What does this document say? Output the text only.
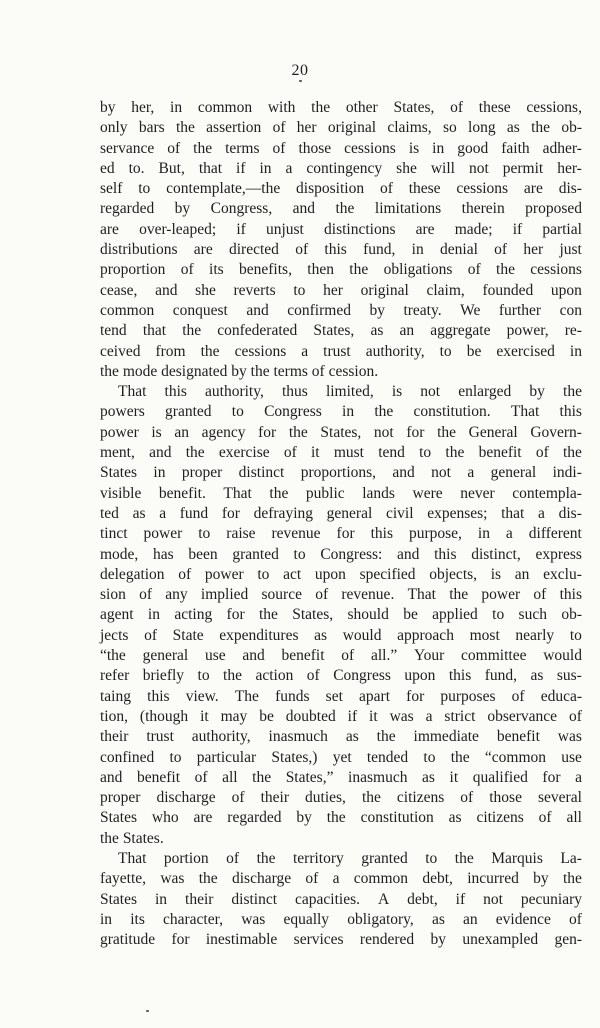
20
by her, in common with the other States, of these cessions,
only bars the assertion of her original claims, so long as the ob-
servance of the terms of those cessions is in good faith adher-
ed to. But, that if in a contingency she will not permit her-
self to contemplate,—the disposition of these cessions are dis-
regarded by Congress, and the limitations therein proposed
are over-leaped; if unjust distinctions are made; if partial
distributions are directed of this fund, in denial of her just
proportion of its benefits, then the obligations of the cessions
cease, and she reverts to her original claim, founded upon
common conquest and confirmed by treaty. We further con
tend that the confederated States, as an aggregate power, re-
ceived from the cessions a trust authority, to be exercised in
the mode designated by the terms of cession.
That this authority, thus limited, is not enlarged by the
powers granted to Congress in the constitution. That this
power is an agency for the States, not for the General Govern-
ment, and the exercise of it must tend to the benefit of the
States in proper distinct proportions, and not a general indi-
visible benefit. That the public lands were never contempla-
ted as a fund for defraying general civil expenses; that a dis-
tinct power to raise revenue for this purpose, in a different
mode, has been granted to Congress: and this distinct, express
delegation of power to act upon specified objects, is an exclu-
sion of any implied source of revenue. That the power of this
agent in acting for the States, should be applied to such ob-
jects of State expenditures as would approach most nearly to
“the general use and benefit of all.” Your committee would
refer briefly to the action of Congress upon this fund, as sus-
taing this view. The funds set apart for purposes of educa-
tion, (though it may be doubted if it was a strict observance of
their trust authority, inasmuch as the immediate benefit was
confined to particular States,) yet tended to the “common use
and benefit of all the States,” inasmuch as it qualified for a
proper discharge of their duties, the citizens of those several
States who are regarded by the constitution as citizens of all
the States.
That portion of the territory granted to the Marquis La-
fayette, was the discharge of a common debt, incurred by the
States in their distinct capacities. A debt, if not pecuniary
in its character, was equally obligatory, as an evidence of
gratitude for inestimable services rendered by unexampled gen-
